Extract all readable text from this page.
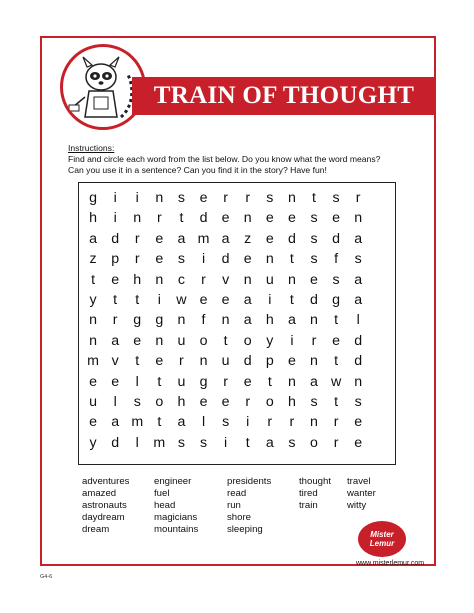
TRAIN OF THOUGHT
Instructions:
Find and circle each word from the list below. Do you know what the word means?
Can you use it in a sentence? Can you find it in the story? Have fun!
g	i	i	n	s	e	r	r	s	n	t	s	r
h	i	n	r	t	d	e	n	e	e	s	e	n
a	d	r	e	a m a	z	e	d	s	d	a
z	p	r	e	s	i	d	e	n	t	s	f	s
t	e	h	n	c	r	v	n	u	n	e	s	a
y	t	t	i	w e	e	a	i	t	d	g	a
n	r	g	g	n	f	n	a	h	a	n	t	l
n	a	e	n	u	o	t	o	y	i	r	e	d
m v	t	e	r	n	u	d	p	e	n	t	d
e	e	l	t	u	g	r	e	t	n	a w n
u	l	s	o	h	e	e	r	o	h	s	t	s
e	a m	t	a	l	s	i	r	r	n	r	e
y	d	l	m s	s	i	t	a	s	o	r	e
adventures
amazed
astronauts
daydream
dream
engineer
fuel
head
magicians
mountains
presidents
read
run
shore
sleeping
thought
tired
train
travel
wanter
witty
Mister
Lemur
www.misterlemur.com
G4-6
